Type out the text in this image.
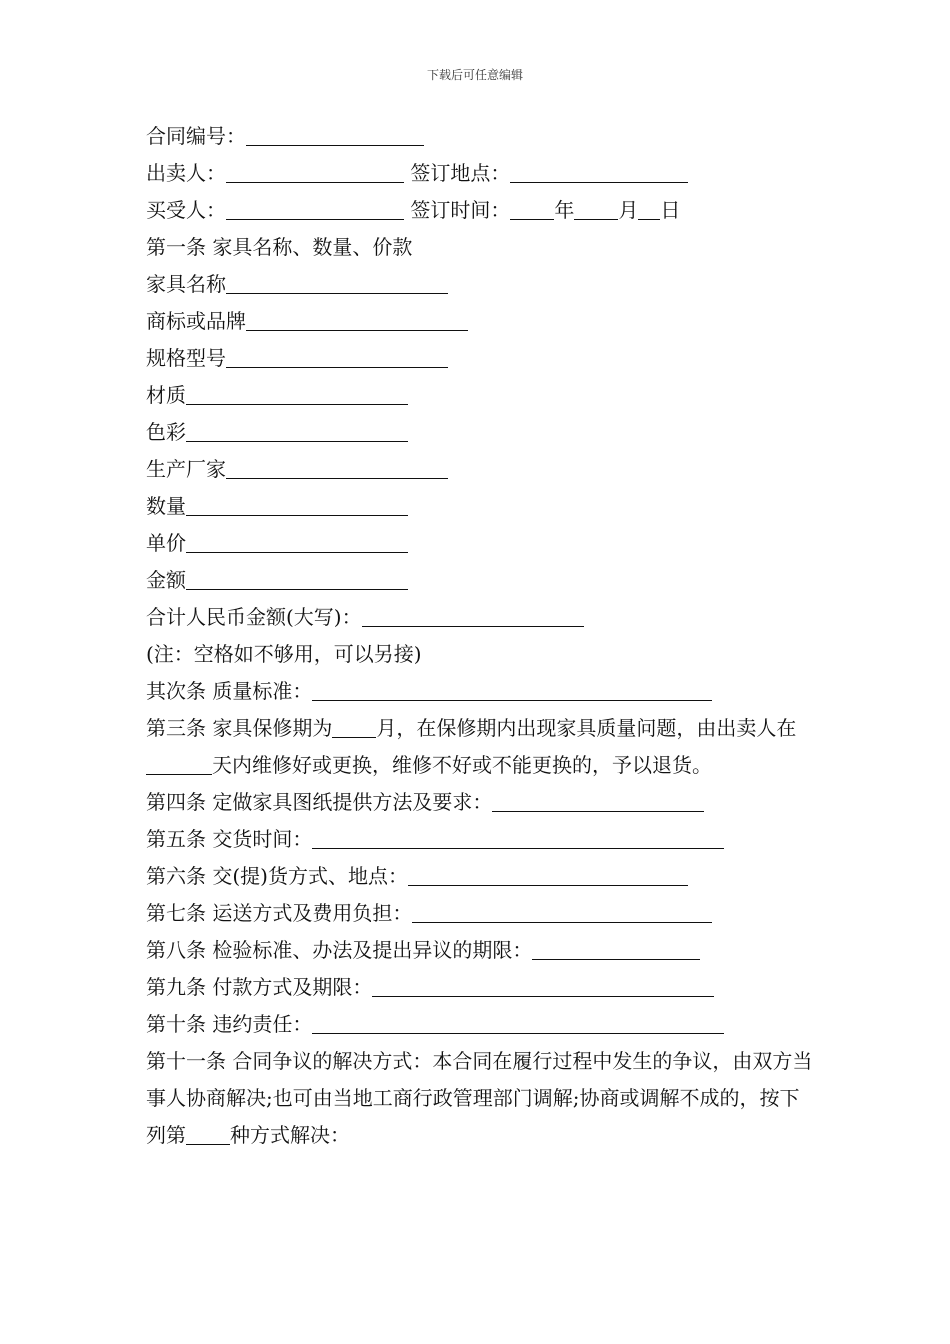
下载后可任意编辑
合同编号：
出卖人：	签订地点：
买受人：	签订时间： 年 月 日
第一条 家具名称、数量、价款
家具名称
商标或品牌
规格型号
材质
色彩
生产厂家
数量
单价
金额
合计人民币金额(大写)：
(注：空格如不够用，可以另接)
其次条 质量标准：
第三条 家具保修期为 月，在保修期内出现家具质量问题，由出卖人在天内维修好或更换，维修不好或不能更换的，予以退货。
第四条 定做家具图纸提供方法及要求：
第五条 交货时间：
第六条 交(提)货方式、地点：
第七条 运送方式及费用负担：
第八条 检验标准、办法及提出异议的期限：
第九条 付款方式及期限：
第十条 违约责任：
第十一条 合同争议的解决方式：本合同在履行过程中发生的争议，由双方当事人协商解决;也可由当地工商行政管理部门调解;协商或调解不成的，按下列第 种方式解决：
